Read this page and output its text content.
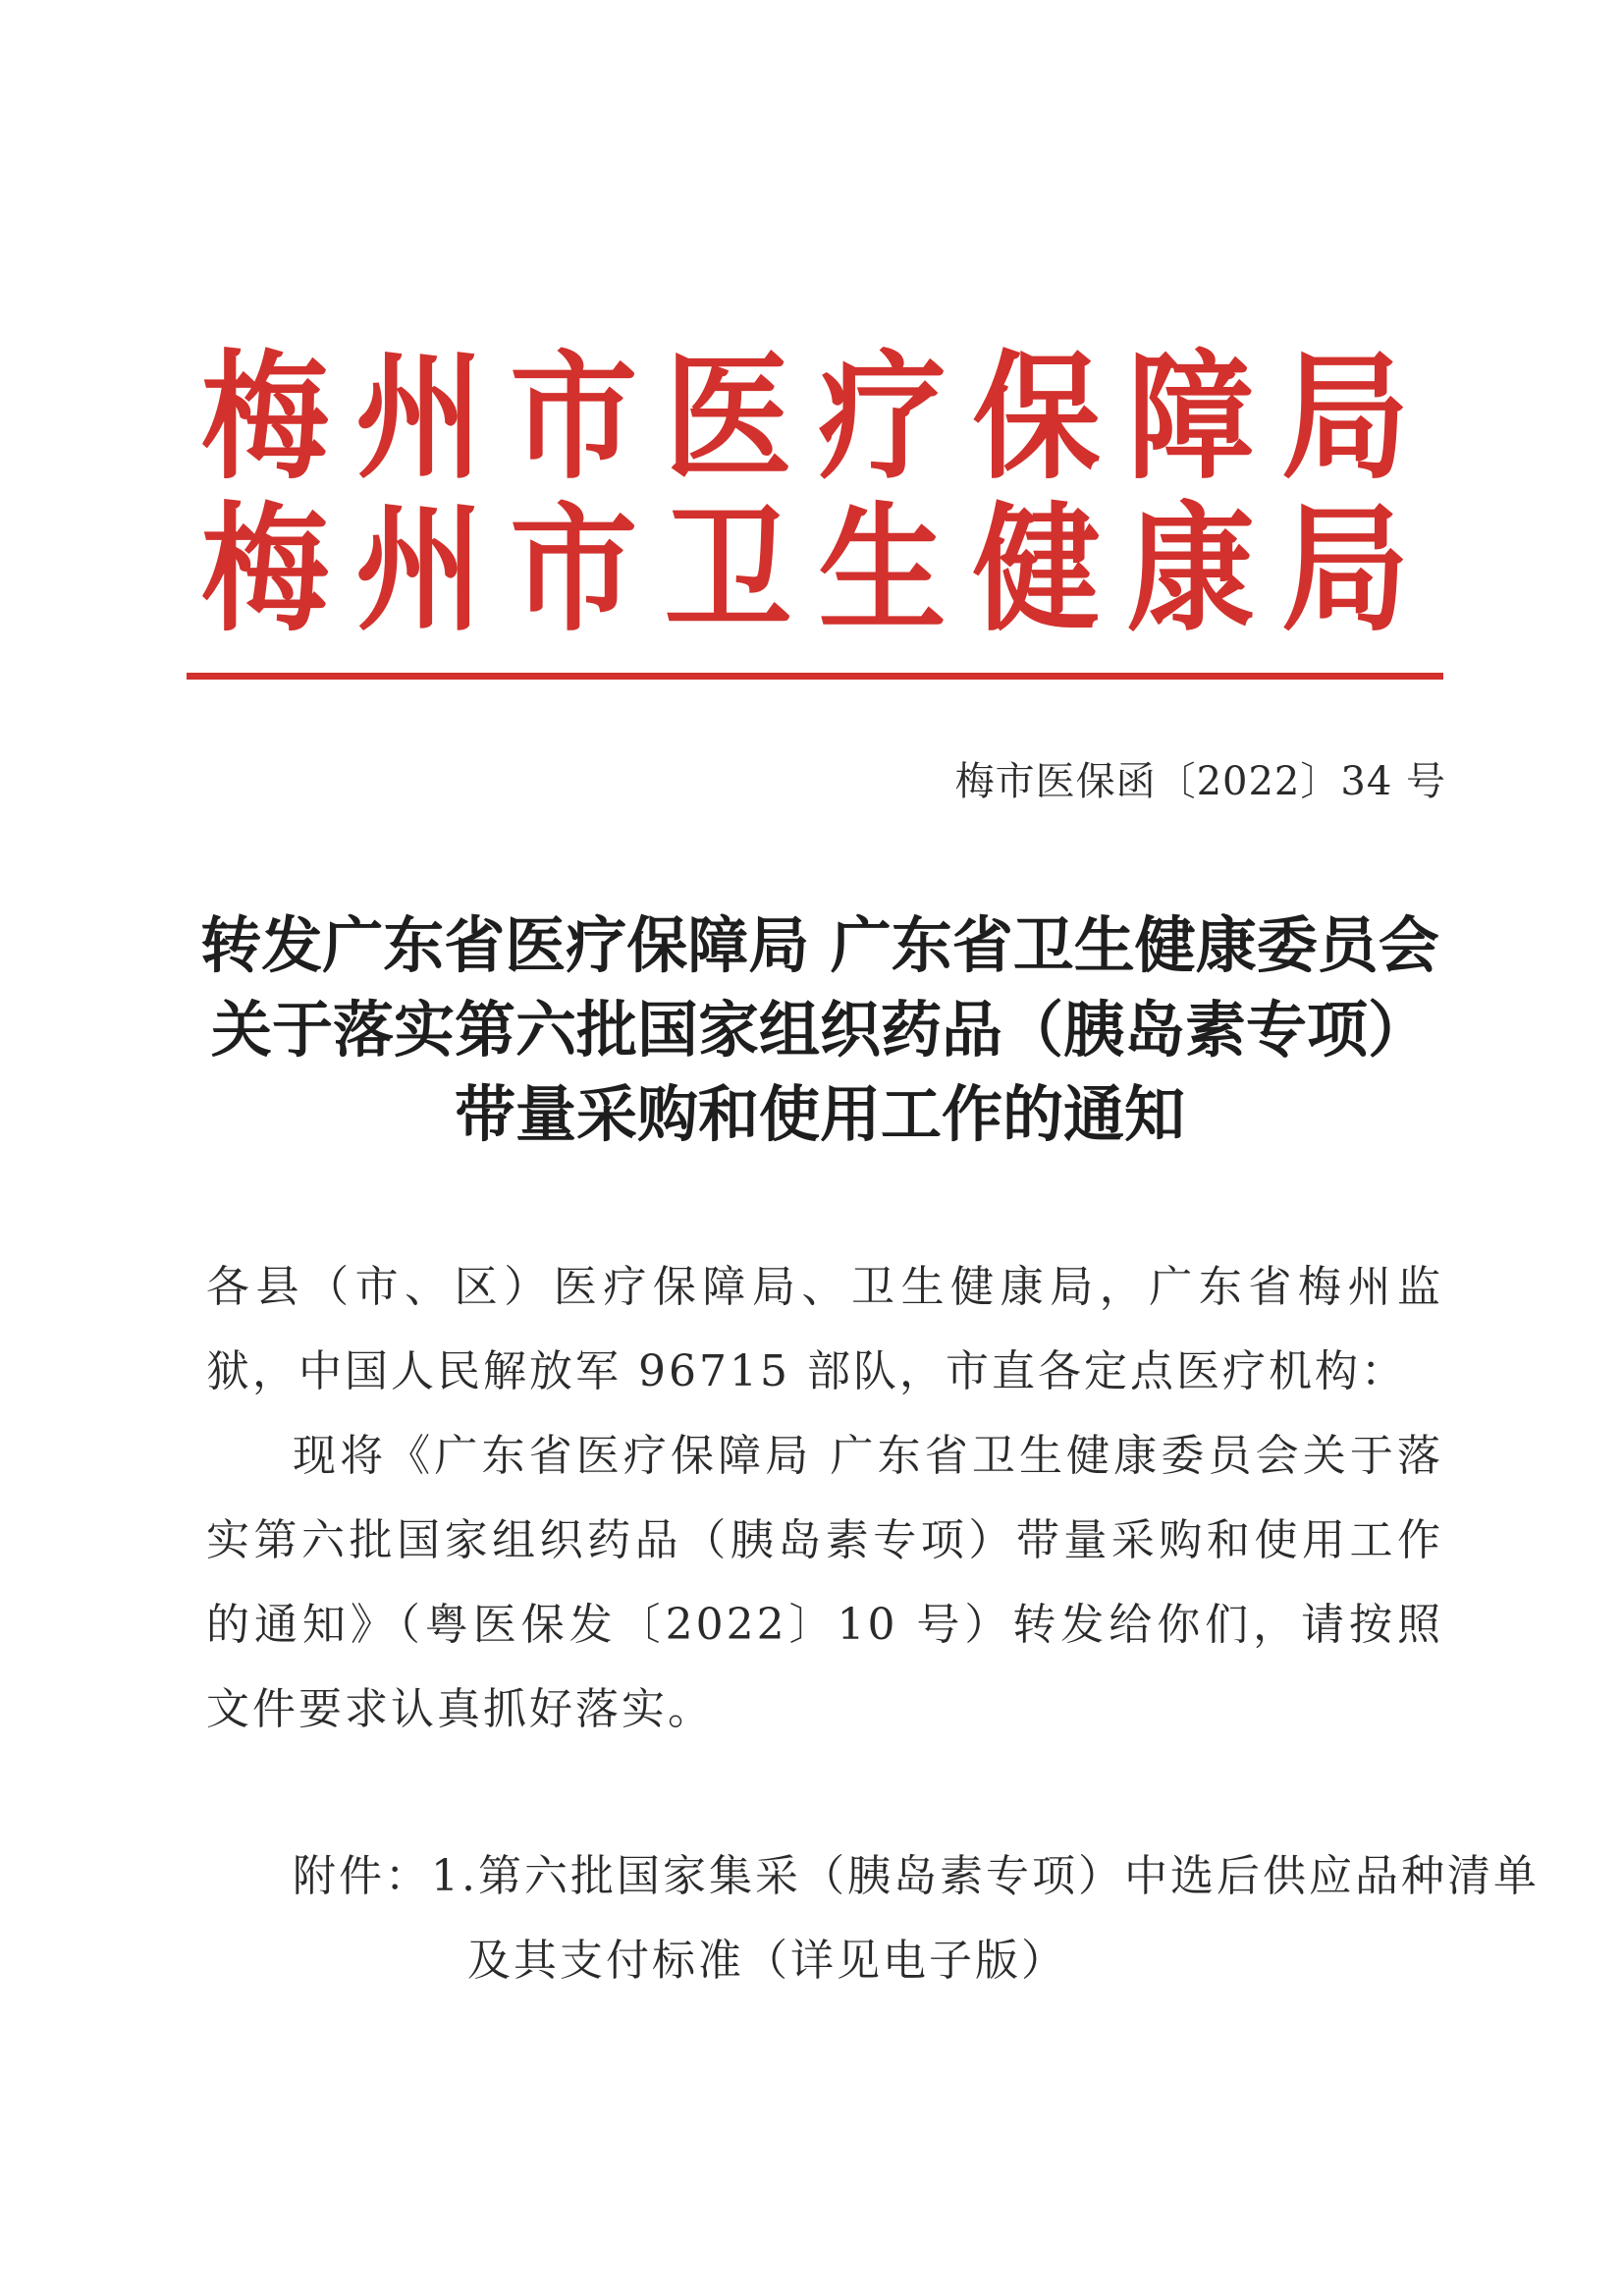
梅 州 市 医 疗 保 障 局
梅 州 市 卫 生 健 康 局
梅市医保函〔2022〕34 号
转发广东省医疗保障局 广东省卫生健康委员会
关于落实第六批国家组织药品（胰岛素专项）
带量采购和使用工作的通知
各县（市、区）医疗保障局、卫生健康局，广东省梅州监狱，中国人民解放军 96715 部队，市直各定点医疗机构：
现将《广东省医疗保障局 广东省卫生健康委员会关于落实第六批国家组织药品（胰岛素专项）带量采购和使用工作的通知》（粤医保发〔2022〕10 号）转发给你们，请按照文件要求认真抓好落实。
附件：1.第六批国家集采（胰岛素专项）中选后供应品种清单
及其支付标准（详见电子版）
